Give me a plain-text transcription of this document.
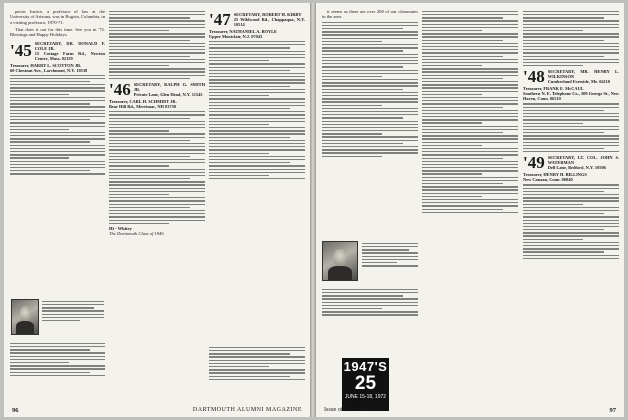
persis Justice, a professor of law at the University of Arizona, was in Bogota, Columbia, in a visiting professor, 1970-71.

That does it out for this time. See you in '72. Blessings and Happy Holidays.

'45 SECRETARY, DR. DONALD F. COLE JR.
15 Cottage Farm Rd., Newton Centre, Mass. 02159
Treasurer, HARRY L. SCOTTON JR.
60 Chestnut Ave., Larchmont, N.Y. 10538
'46 SECRETARY, RALPH G. SMITH JR.
Private Lane, Glen Head, N.Y. 11545
Treasurer, CARL H. SCHMIDT JR.
Bear Hill Rd., Merrimac, NH 03750
Hi - Whitey
The Dartmouth Class of 1946
'47 SECRETARY, ROBERT H. KIRBY
25 Wildwood Rd., Chappaqua, N.Y. 10514
Treasurer, NATHANIEL A. BOYLE
Upper Montclair, N.J. 07043
96	DARTMOUTH ALUMNI MAGAZINE

it seems as there are over 200 of our classmates in the area.

1947'S
25
JUNE 15-18, 1972
'48 SECRETARY, MR. HENRY L. WILKINSON
Cumberland Foreside, Me. 04110
Treasurer, FRANK E. McCAUL
Southern N. E. Telephone Co., 300 George St., New Haven, Conn. 06510
'49 SECRETARY, LT. COL. JOHN S. WATERMAN
Dell Lane, Bedford, N.Y. 10506
Treasurer, HENRY H. BILLINGS
New Canaan, Conn. 06840
Issue of December 1971	97
